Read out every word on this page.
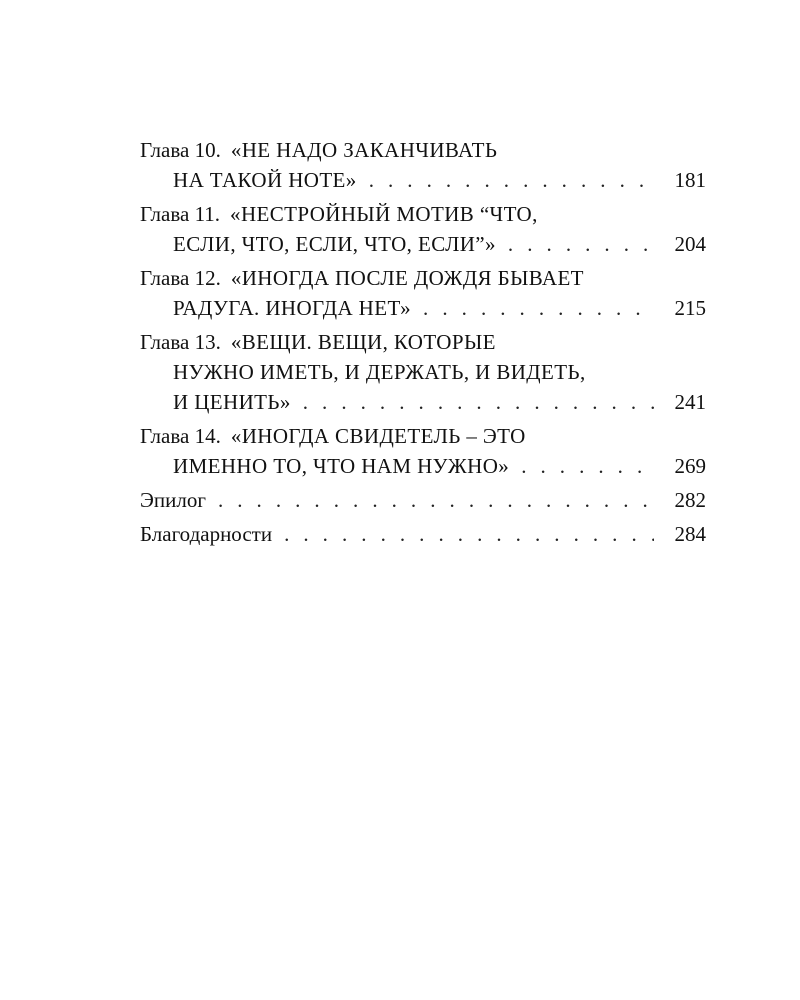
Глава 10. «НЕ НАДО ЗАКАНЧИВАТЬ
НА ТАКОЙ НОТЕ» . . .	181
Глава 11. «НЕСТРОЙНЫЙ МОТИВ “ЧТО,
ЕСЛИ, ЧТО, ЕСЛИ, ЧТО, ЕСЛИ”» . . .	204
Глава 12. «ИНОГДА ПОСЛЕ ДОЖДЯ БЫВАЕТ
РАДУГА. ИНОГДА НЕТ» . . .	215
Глава 13. «ВЕЩИ. ВЕЩИ, КОТОРЫЕ
НУЖНО ИМЕТЬ, И ДЕРЖАТЬ, И ВИДЕТЬ,
И ЦЕНИТЬ» . . .	241
Глава 14. «ИНОГДА СВИДЕТЕЛЬ – ЭТО
ИМЕННО ТО, ЧТО НАМ НУЖНО» . . .	269
Эпилог . . .	282
Благодарности . . .	284
